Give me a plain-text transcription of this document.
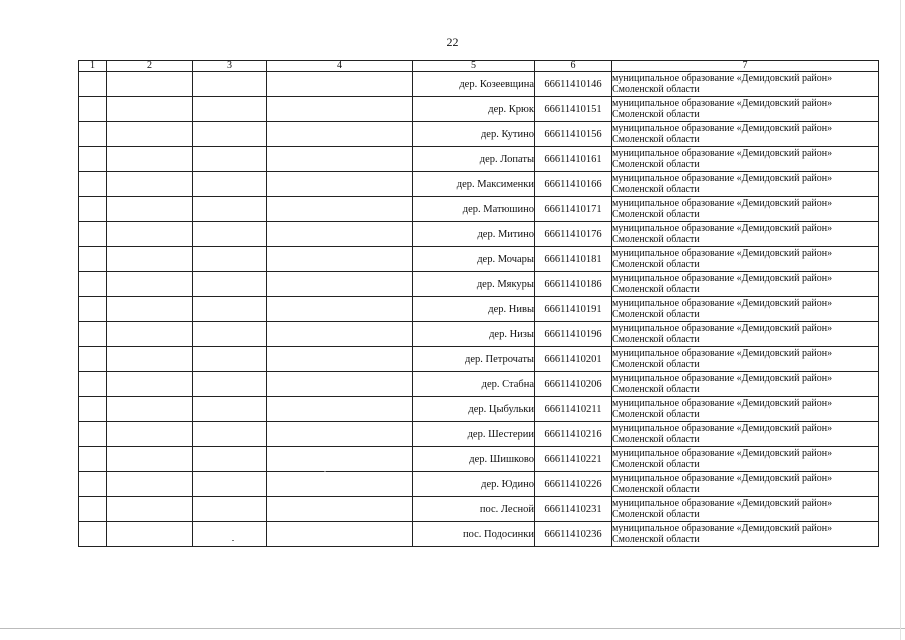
22
1	2	3	4	5	6	7
				дер. Козеевщина	66611410146	муниципальное образование «Демидовский район»
Смоленской области

				дер. Крюк	66611410151	муниципальное образование «Демидовский район»
Смоленской области

				дер. Кутино	66611410156	муниципальное образование «Демидовский район»
Смоленской области

				дер. Лопаты	66611410161	муниципальное образование «Демидовский район»
Смоленской области

				дер. Максименки	66611410166	муниципальное образование «Демидовский район»
Смоленской области

				дер. Матюшино	66611410171	муниципальное образование «Демидовский район»
Смоленской области

				дер. Митино	66611410176	муниципальное образование «Демидовский район»
Смоленской области

				дер. Мочары	66611410181	муниципальное образование «Демидовский район»
Смоленской области

				дер. Мякуры	66611410186	муниципальное образование «Демидовский район»
Смоленской области

				дер. Нивы	66611410191	муниципальное образование «Демидовский район»
Смоленской области

				дер. Низы	66611410196	муниципальное образование «Демидовский район»
Смоленской области

				дер. Петрочаты	66611410201	муниципальное образование «Демидовский район»
Смоленской области

				дер. Стабна	66611410206	муниципальное образование «Демидовский район»
Смоленской области

				дер. Цыбульки	66611410211	муниципальное образование «Демидовский район»
Смоленской области

				дер. Шестерии	66611410216	муниципальное образование «Демидовский район»
Смоленской области

				дер. Шишково	66611410221	муниципальное образование «Демидовский район»
Смоленской области

				дер. Юдино	66611410226	муниципальное образование «Демидовский район»
Смоленской области

				пос. Лесной	66611410231	муниципальное образование «Демидовский район»
Смоленской области

				пос. Подосинки	66611410236	муниципальное образование «Демидовский район»
Смоленской области
